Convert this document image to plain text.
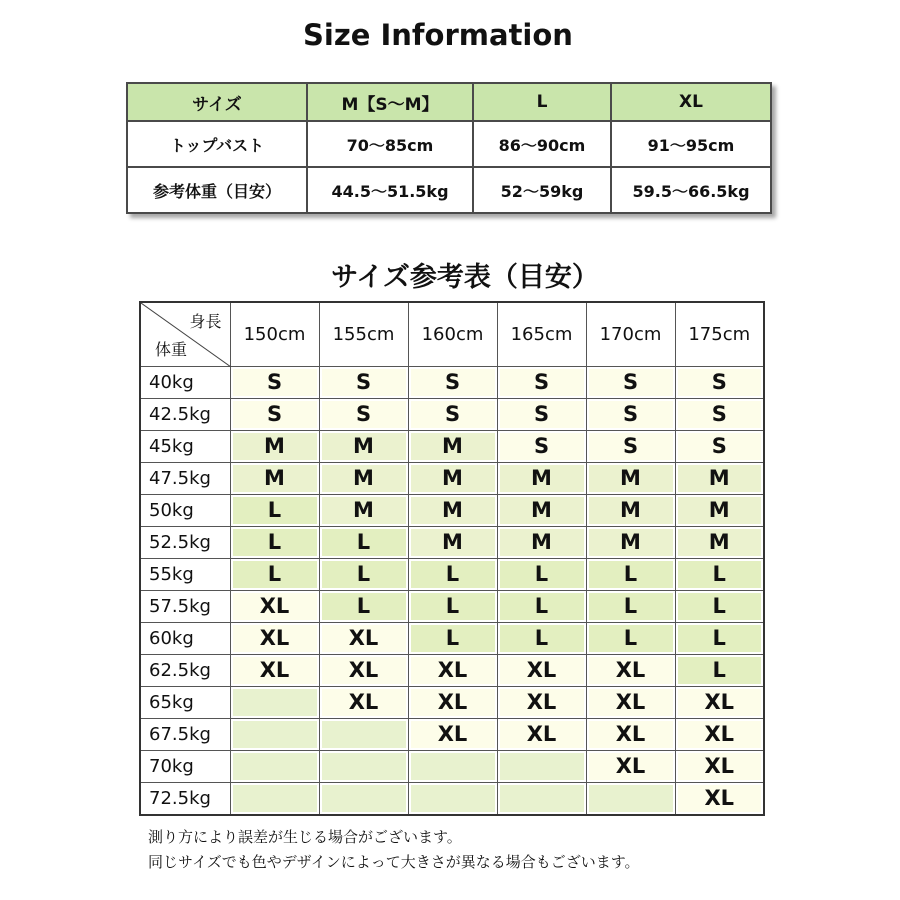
Size Information
サイズ	M【S〜M】	L	XL

トップバスト	70〜85cm	86〜90cm	91〜95cm

参考体重（目安）	44.5〜51.5kg	52〜59kg	59.5〜66.5kg
サイズ参考表（目安）
身長
体重	150cm	155cm	160cm	165cm	170cm	175cm
40kg	S	S	S	S	S	S

42.5kg	S	S	S	S	S	S

45kg	M	M	M	S	S	S

47.5kg	M	M	M	M	M	M

50kg	L	M	M	M	M	M

52.5kg	L	L	M	M	M	M

55kg	L	L	L	L	L	L

57.5kg	XL	L	L	L	L	L

60kg	XL	XL	L	L	L	L

62.5kg	XL	XL	XL	XL	XL	L

65kg		XL	XL	XL	XL	XL

67.5kg			XL	XL	XL	XL

70kg					XL	XL

72.5kg						XL
測り方により誤差が生じる場合がございます。
同じサイズでも色やデザインによって大きさが異なる場合もございます。
